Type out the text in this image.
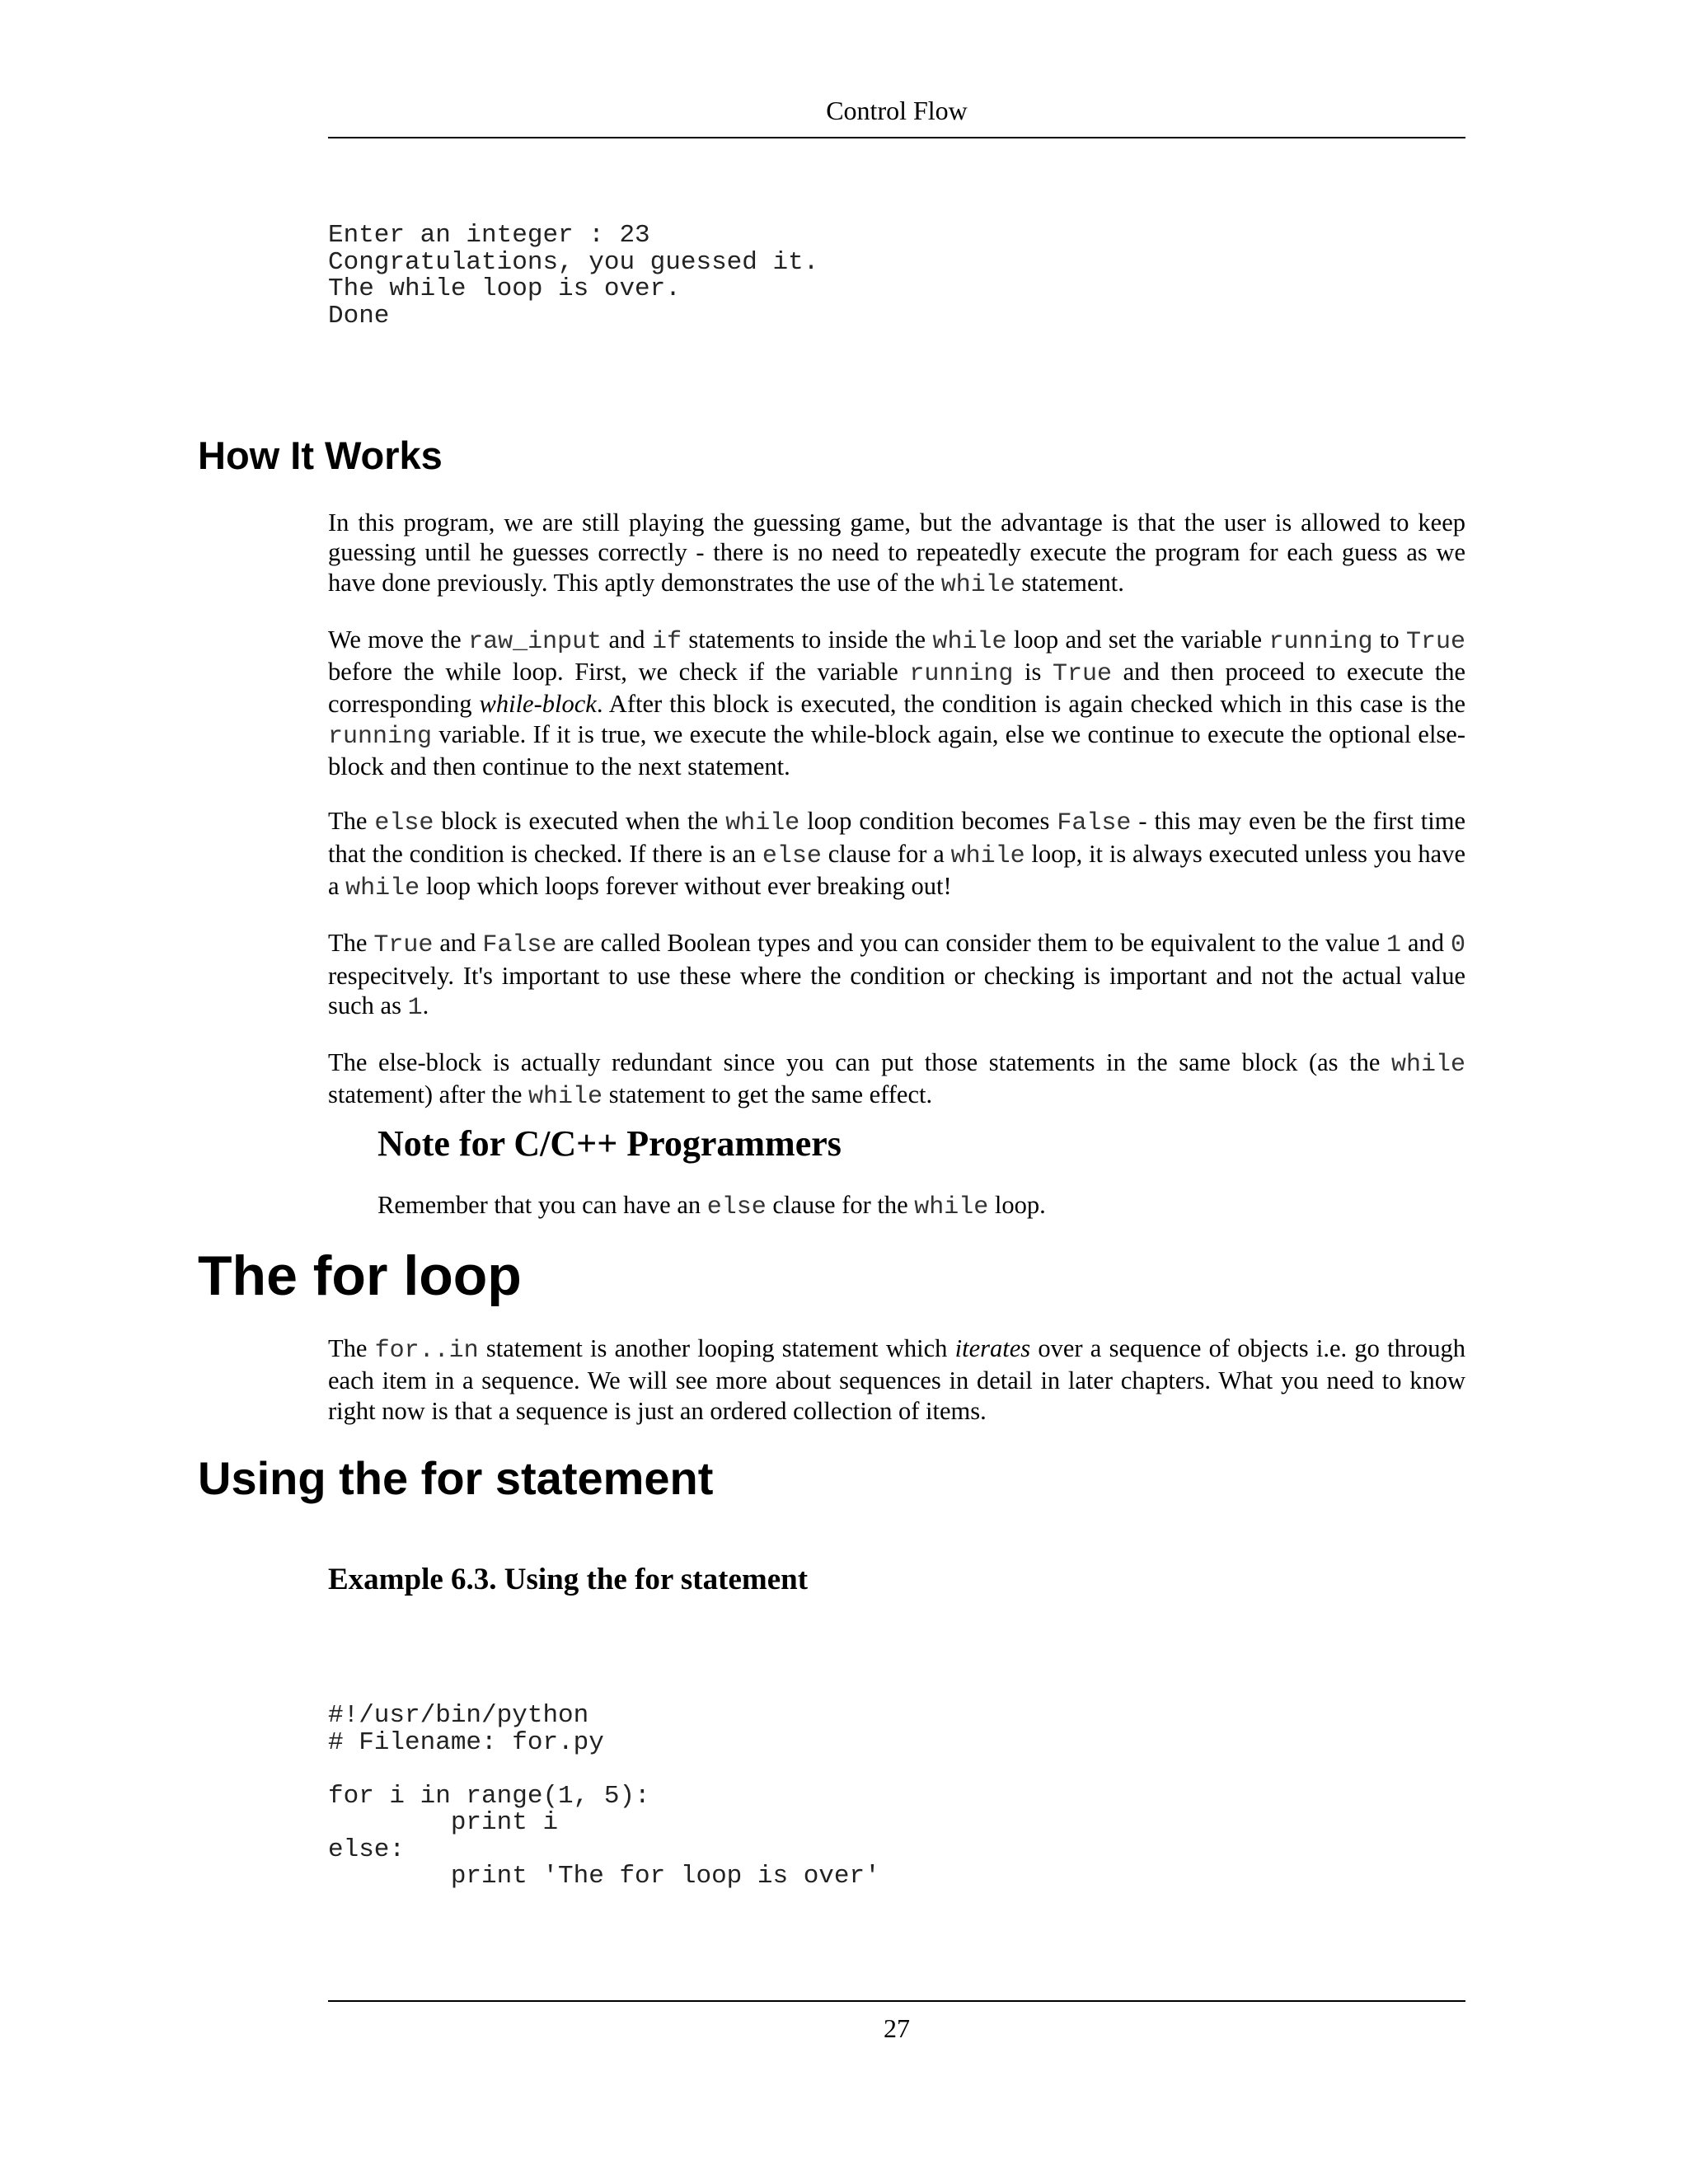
Control Flow
Enter an integer : 23
Congratulations, you guessed it.
The while loop is over.
Done
How It Works

In this program, we are still playing the guessing game, but the advantage is that the user is allowed to keep guessing until he guesses correctly - there is no need to repeatedly execute the program for each guess as we have done previously. This aptly demonstrates the use of the while statement.

We move the raw_input and if statements to inside the while loop and set the variable running to True before the while loop. First, we check if the variable running is True and then proceed to execute the corresponding while-block. After this block is executed, the condition is again checked which in this case is the running variable. If it is true, we execute the while-block again, else we continue to execute the optional else-block and then continue to the next statement.

The else block is executed when the while loop condition becomes False - this may even be the first time that the condition is checked. If there is an else clause for a while loop, it is always executed unless you have a while loop which loops forever without ever breaking out!

The True and False are called Boolean types and you can consider them to be equivalent to the value 1 and 0 respecitvely. It's important to use these where the condition or checking is important and not the actual value such as 1.

The else-block is actually redundant since you can put those statements in the same block (as the while statement) after the while statement to get the same effect.

Note for C/C++ Programmers

Remember that you can have an else clause for the while loop.

The for loop

The for..in statement is another looping statement which iterates over a sequence of objects i.e. go through each item in a sequence. We will see more about sequences in detail in later chapters. What you need to know right now is that a sequence is just an ordered collection of items.

Using the for statement
Example 6.3. Using the for statement
#!/usr/bin/python
# Filename: for.py

for i in range(1, 5):
print i
else:
print 'The for loop is over'
27
